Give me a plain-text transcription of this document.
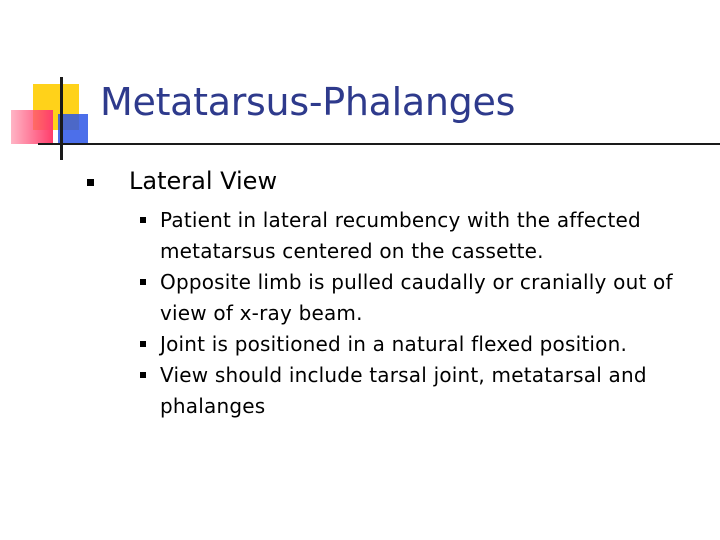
Metatarsus-Phalanges
Lateral View
Patient in lateral recumbency with the affected metatarsus centered on the cassette.
Opposite limb is pulled caudally or cranially out of view of x-ray beam.
Joint is positioned in a natural flexed position.
View should include tarsal joint, metatarsal and phalanges
